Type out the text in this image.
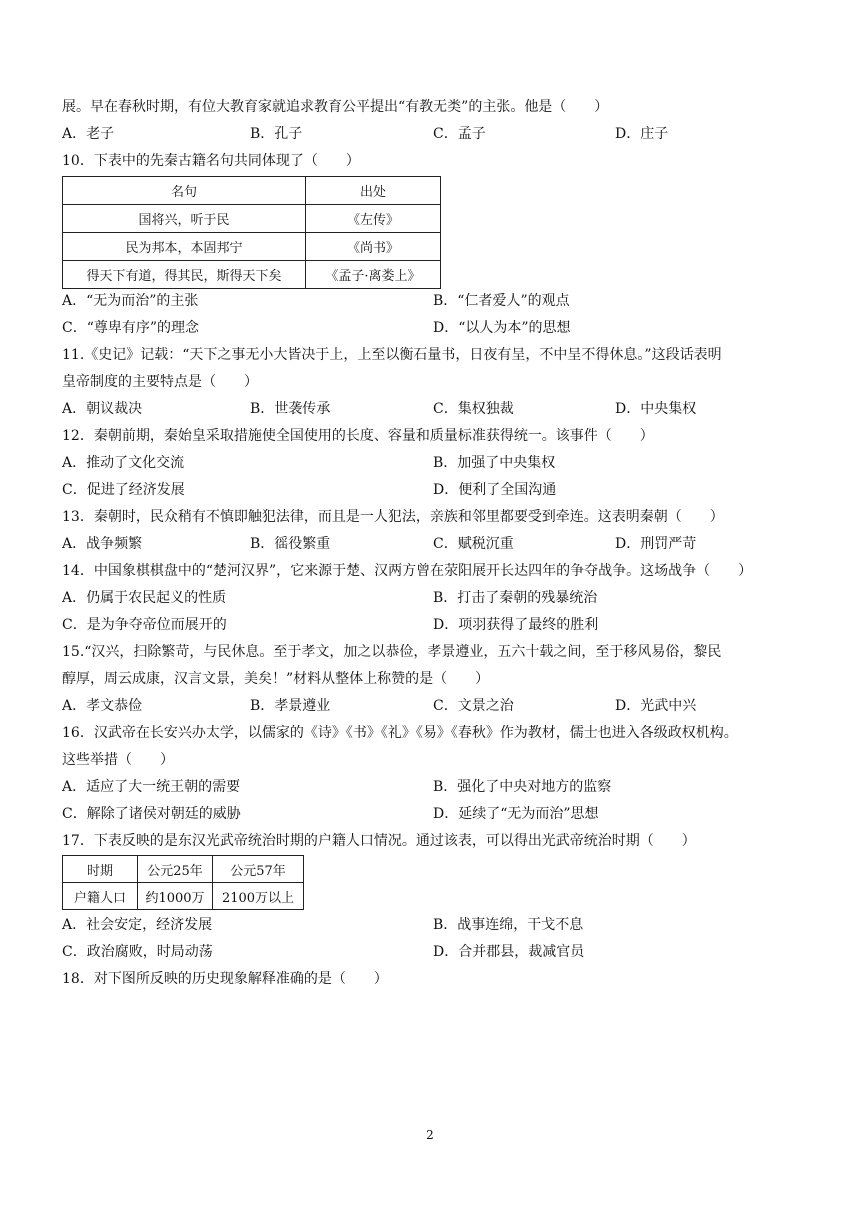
展。早在春秋时期，有位大教育家就追求教育公平提出“有教无类”的主张。他是（　　）
A．老子	B．孔子	C．孟子	D．庄子
10．下表中的先秦古籍名句共同体现了（　　）
名句	出处
国将兴，听于民	《左传》
民为邦本，本固邦宁	《尚书》
得天下有道，得其民，斯得天下矣	《孟子·离娄上》
A．“无为而治”的主张	B．“仁者爱人”的观点
C．“尊卑有序”的理念	D．“以人为本”的思想
11.《史记》记载：“天下之事无小大皆决于上，上至以衡石量书，日夜有呈，不中呈不得休息。”这段话表明
皇帝制度的主要特点是（　　）
A．朝议裁决	B．世袭传承	C．集权独裁	D．中央集权
12．秦朝前期，秦始皇采取措施使全国使用的长度、容量和质量标准获得统一。该事件（　　）
A．推动了文化交流	B．加强了中央集权
C．促进了经济发展	D．便利了全国沟通
13．秦朝时，民众稍有不慎即触犯法律，而且是一人犯法，亲族和邻里都要受到牵连。这表明秦朝（　　）
A．战争频繁	B．徭役繁重	C．赋税沉重	D．刑罚严苛
14．中国象棋棋盘中的“楚河汉界”，它来源于楚、汉两方曾在荥阳展开长达四年的争夺战争。这场战争（　　）
A．仍属于农民起义的性质	B．打击了秦朝的残暴统治
C．是为争夺帝位而展开的	D．项羽获得了最终的胜利
15.“汉兴，扫除繁苛，与民休息。至于孝文，加之以恭俭，孝景遵业，五六十载之间，至于移风易俗，黎民
醇厚，周云成康，汉言文景，美矣！”材料从整体上称赞的是（　　）
A．孝文恭俭	B．孝景遵业	C．文景之治	D．光武中兴
16．汉武帝在长安兴办太学，以儒家的《诗》《书》《礼》《易》《春秋》作为教材，儒士也进入各级政权机构。
这些举措（　　）
A．适应了大一统王朝的需要	B．强化了中央对地方的监察
C．解除了诸侯对朝廷的威胁	D．延续了“无为而治”思想
17．下表反映的是东汉光武帝统治时期的户籍人口情况。通过该表，可以得出光武帝统治时期（　　）
时期	公元25年	公元57年
户籍人口	约1000万	2100万以上
A．社会安定，经济发展	B．战事连绵，干戈不息
C．政治腐败，时局动荡	D．合并郡县，裁减官员
18．对下图所反映的历史现象解释准确的是（　　）
2
